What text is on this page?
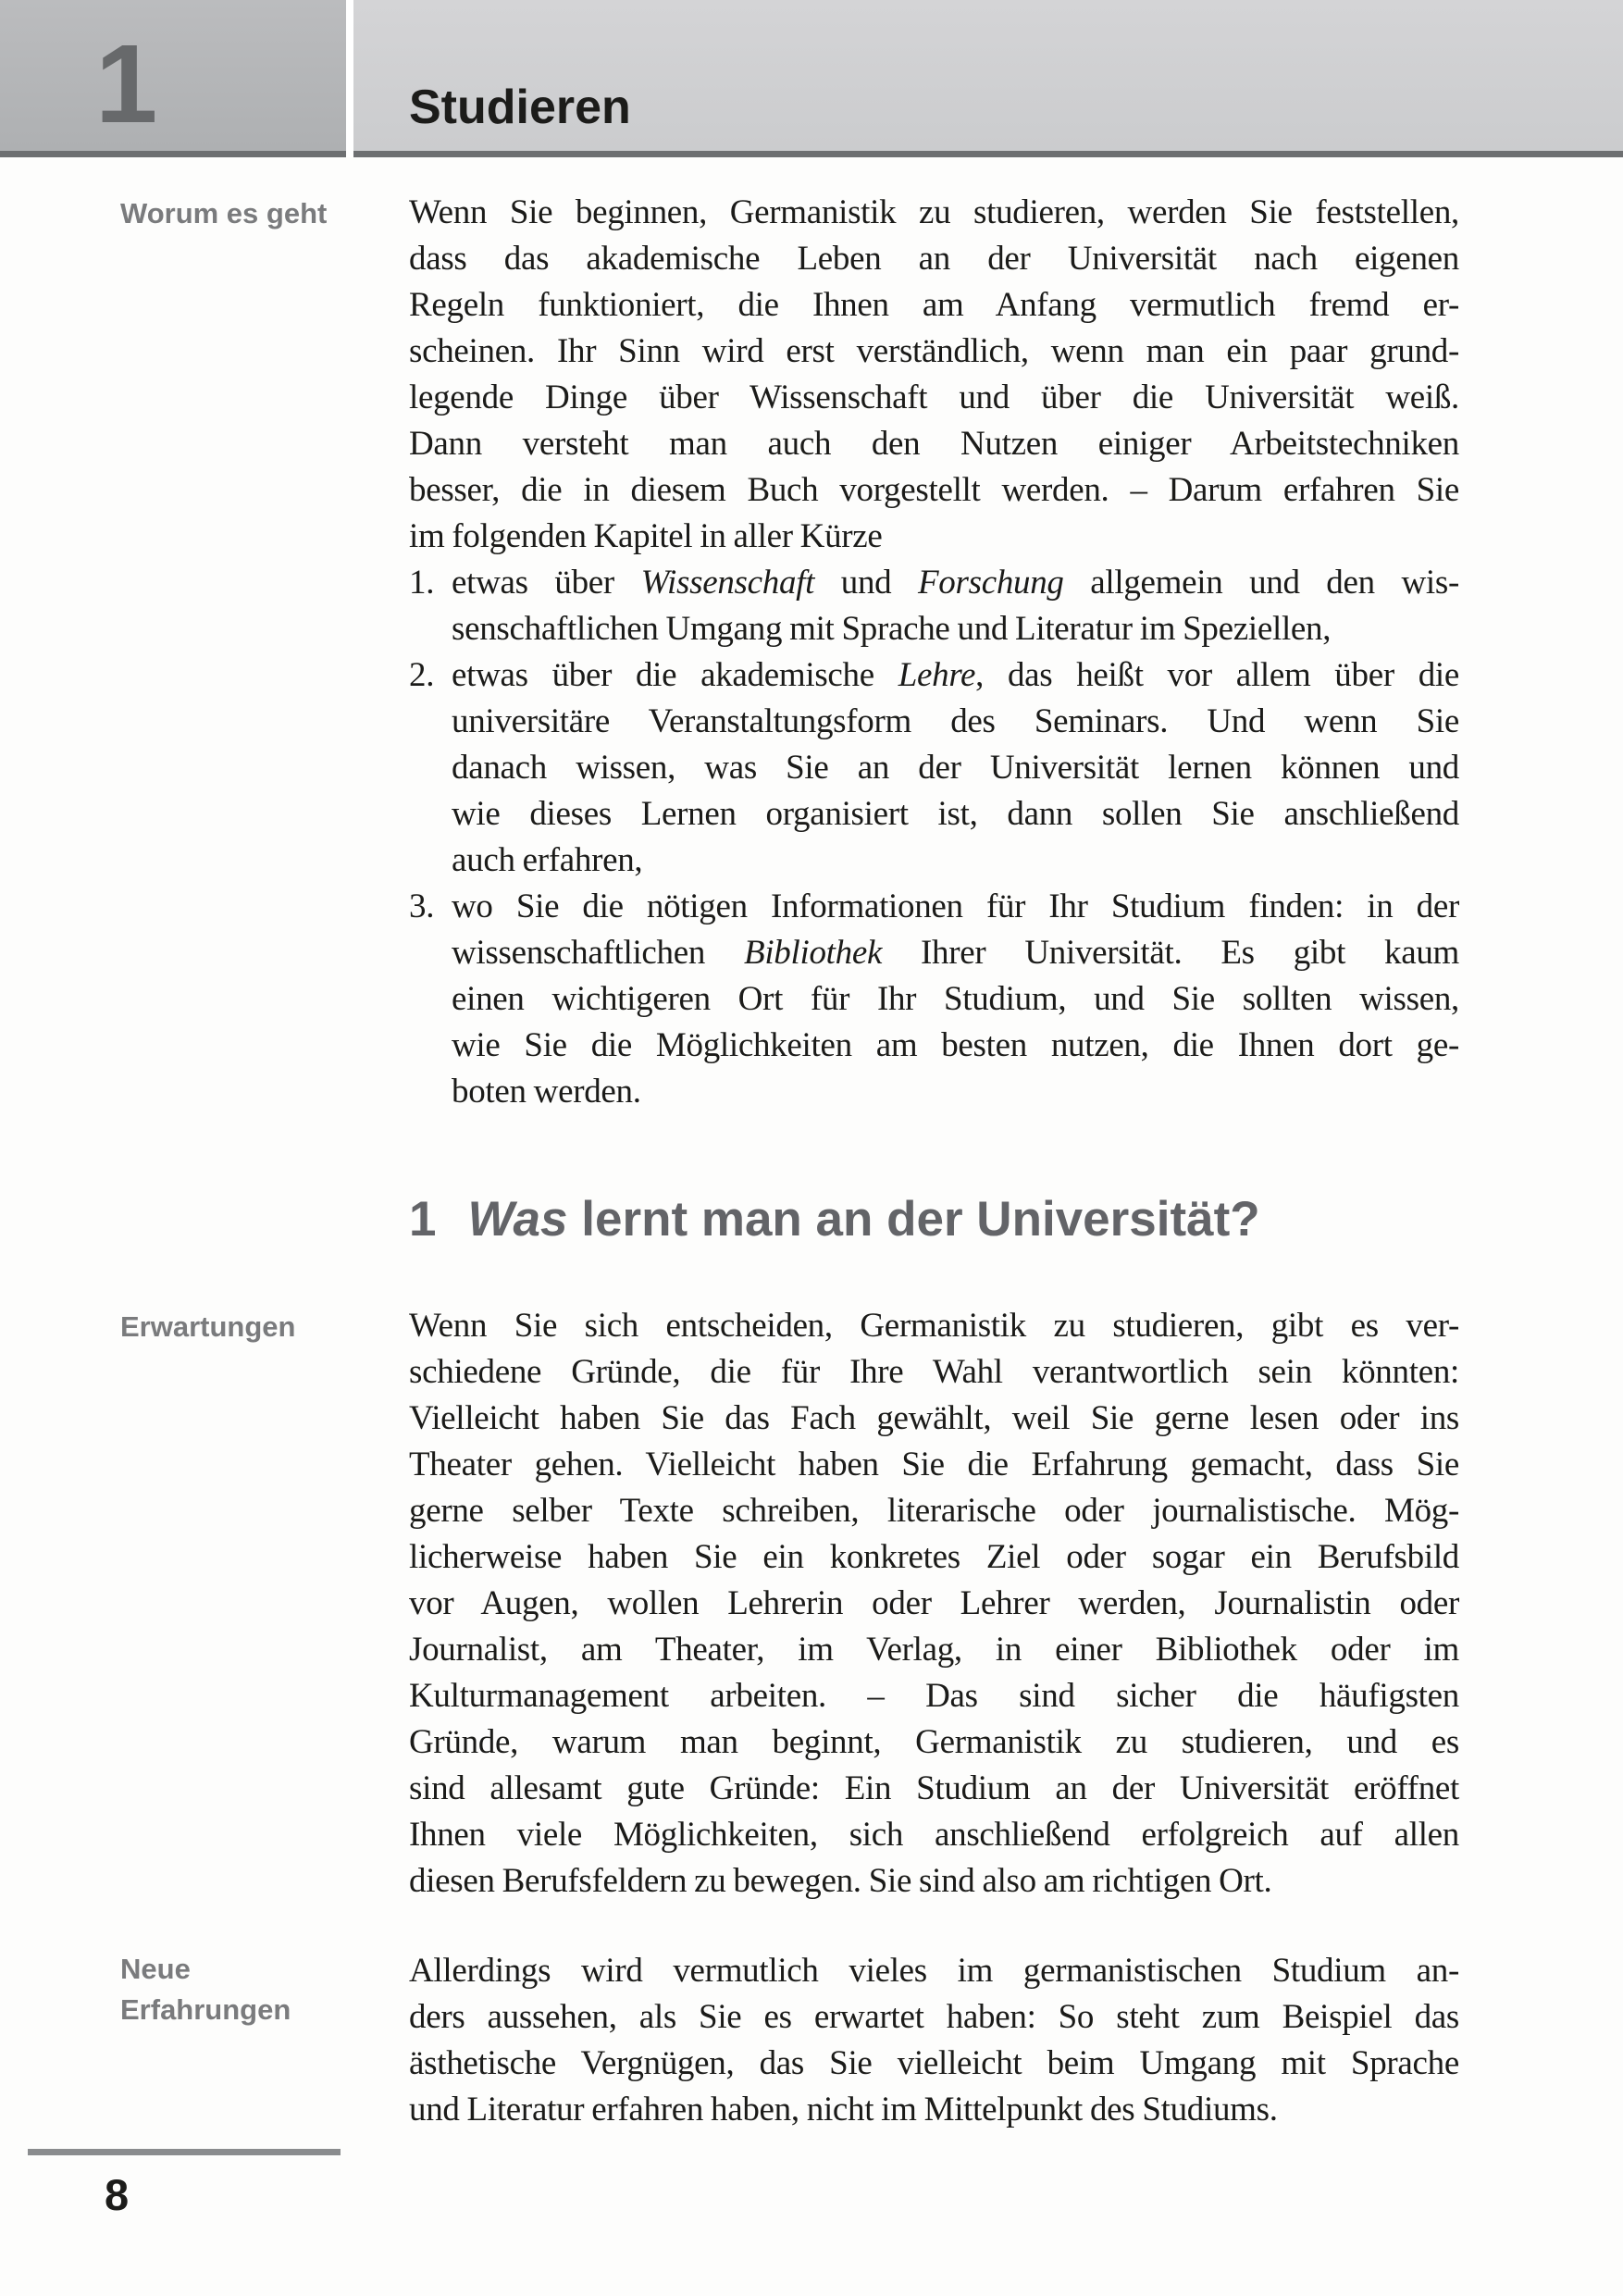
1	Studieren
Worum es geht
Erwartungen
Neue
Erfahrungen
Wenn Sie beginnen, Germanistik zu studieren, werden Sie feststellen,
dass das akademische Leben an der Universität nach eigenen
Regeln funktioniert, die Ihnen am Anfang vermutlich fremd er-
scheinen. Ihr Sinn wird erst verständlich, wenn man ein paar grund-
legende Dinge über Wissenschaft und über die Universität weiß.
Dann versteht man auch den Nutzen einiger Arbeitstechniken
besser, die in diesem Buch vorgestellt werden. – Darum erfahren Sie
im folgenden Kapitel in aller Kürze
1. etwas über Wissenschaft und Forschung allgemein und den wis-
senschaftlichen Umgang mit Sprache und Literatur im Speziellen,
2. etwas über die akademische Lehre, das heißt vor allem über die
universitäre Veranstaltungsform des Seminars. Und wenn Sie
danach wissen, was Sie an der Universität lernen können und
wie dieses Lernen organisiert ist, dann sollen Sie anschließend
auch erfahren,
3. wo Sie die nötigen Informationen für Ihr Studium finden: in der
wissenschaftlichen Bibliothek Ihrer Universität. Es gibt kaum
einen wichtigeren Ort für Ihr Studium, und Sie sollten wissen,
wie Sie die Möglichkeiten am besten nutzen, die Ihnen dort ge-
boten werden.
1 Was lernt man an der Universität?
Wenn Sie sich entscheiden, Germanistik zu studieren, gibt es ver-
schiedene Gründe, die für Ihre Wahl verantwortlich sein könnten:
Vielleicht haben Sie das Fach gewählt, weil Sie gerne lesen oder ins
Theater gehen. Vielleicht haben Sie die Erfahrung gemacht, dass Sie
gerne selber Texte schreiben, literarische oder journalistische. Mög-
licherweise haben Sie ein konkretes Ziel oder sogar ein Berufsbild
vor Augen, wollen Lehrerin oder Lehrer werden, Journalistin oder
Journalist, am Theater, im Verlag, in einer Bibliothek oder im
Kulturmanagement arbeiten. – Das sind sicher die häufigsten
Gründe, warum man beginnt, Germanistik zu studieren, und es
sind allesamt gute Gründe: Ein Studium an der Universität eröffnet
Ihnen viele Möglichkeiten, sich anschließend erfolgreich auf allen
diesen Berufsfeldern zu bewegen. Sie sind also am richtigen Ort.
Allerdings wird vermutlich vieles im germanistischen Studium an-
ders aussehen, als Sie es erwartet haben: So steht zum Beispiel das
ästhetische Vergnügen, das Sie vielleicht beim Umgang mit Sprache
und Literatur erfahren haben, nicht im Mittelpunkt des Studiums.
8
